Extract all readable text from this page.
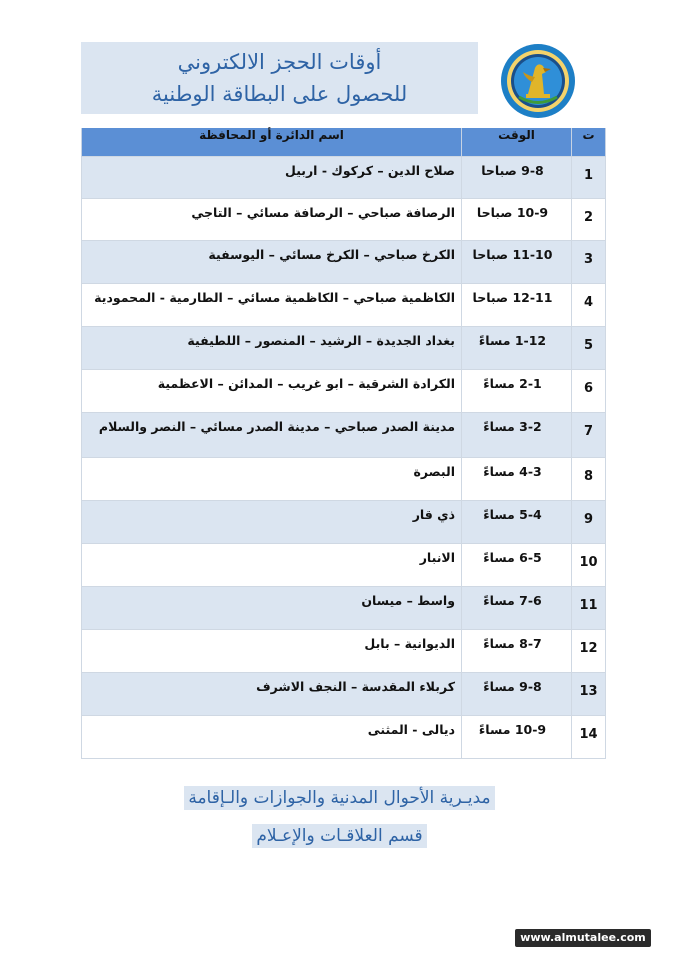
أوقات الحجز الالكتروني
للحصول على البطاقة الوطنية
ت	الوقت	اسم الدائرة أو المحافظة
1	9-8 صباحا	صلاح الدين – كركوك - اربيل
2	10-9 صباحا	الرصافة صباحي – الرصافة مسائي – التاجي
3	11-10 صباحا	الكرخ صباحي – الكرخ مسائي – اليوسفية
4	12-11 صباحا	الكاظمية صباحي – الكاظمية مسائي – الطارمية - المحمودية
5	1-12 مساءً	بغداد الجديدة – الرشيد – المنصور – اللطيفية
6	2-1 مساءً	الكرادة الشرقية – ابو غريب – المدائن – الاعظمية
7	3-2 مساءً	مدينة الصدر صباحي – مدينة الصدر مسائي – النصر والسلام
8	4-3 مساءً	البصرة
9	5-4 مساءً	ذي قار
10	6-5 مساءً	الانبار
11	7-6 مساءً	واسط – ميسان
12	8-7 مساءً	الديوانية – بابل
13	9-8 مساءً	كربلاء المقدسة – النجف الاشرف
14	10-9 مساءً	ديالى - المثنى
مديـرية الأحوال المدنية والجوازات والـإقامة
قسم العلاقـات والإعـلام
www.almutalee.com
